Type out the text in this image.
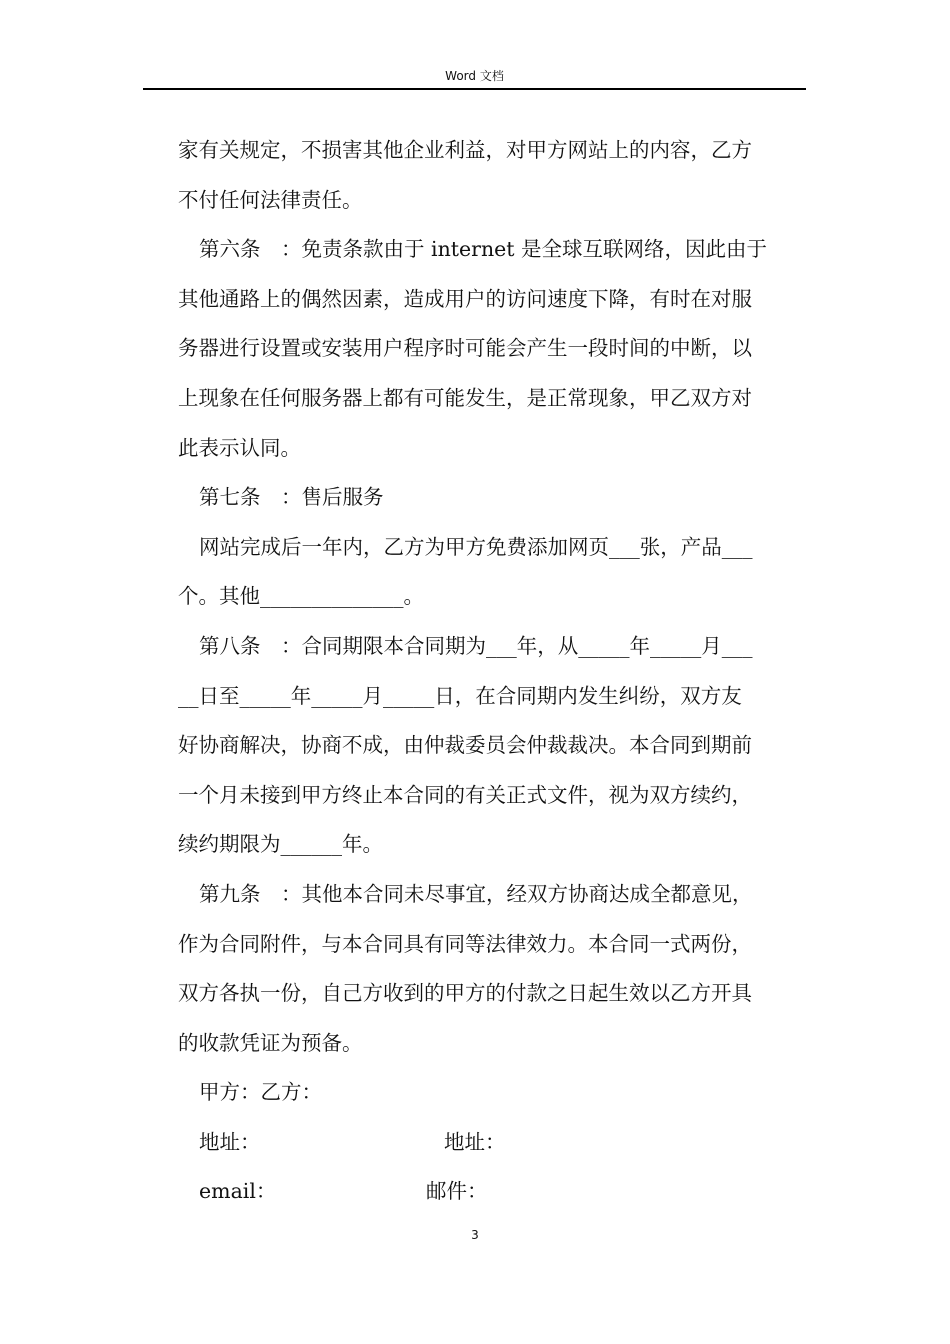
Word 文档
家有关规定，不损害其他企业利益，对甲方网站上的内容，乙方
不付任何法律责任。
第六条　：免责条款由于 internet 是全球互联网络，因此由于
其他通路上的偶然因素，造成用户的访问速度下降，有时在对服
务器进行设置或安装用户程序时可能会产生一段时间的中断，以
上现象在任何服务器上都有可能发生，是正常现象，甲乙双方对
此表示认同。
第七条　：售后服务
网站完成后一年内，乙方为甲方免费添加网页___张，产品___
个。其他______________。
第八条　：合同期限本合同期为___年，从_____年_____月___
__日至_____年_____月_____日，在合同期内发生纠纷，双方友
好协商解决，协商不成，由仲裁委员会仲裁裁决。本合同到期前
一个月未接到甲方终止本合同的有关正式文件，视为双方续约，
续约期限为______年。
第九条　：其他本合同未尽事宜，经双方协商达成全都意见，
作为合同附件，与本合同具有同等法律效力。本合同一式两份，
双方各执一份，自己方收到的甲方的付款之日起生效以乙方开具
的收款凭证为预备。
甲方：乙方：
地址：	地址：
email：	邮件：
3
